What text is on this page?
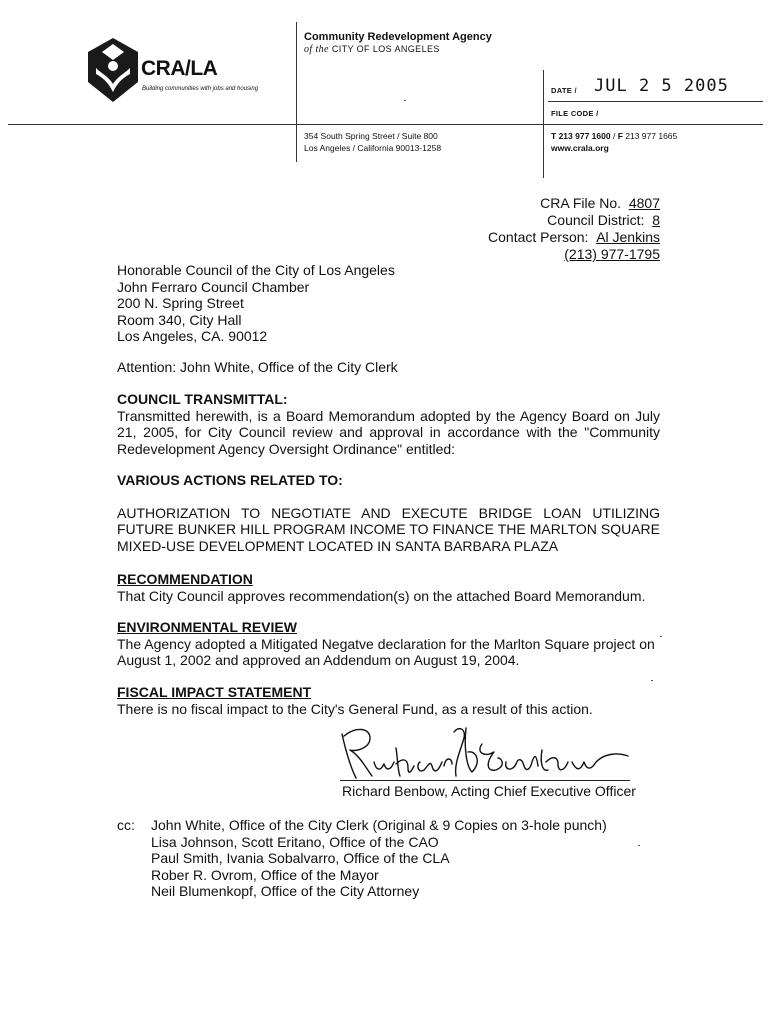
CRA/LA
Building communities with jobs and housing
Community Redevelopment Agency
of the CITY OF LOS ANGELES
DATE / JUL 2 5 2005
FILE CODE /
354 South Spring Street / Suite 800
Los Angeles / California 90013-1258
T 213 977 1600 / F 213 977 1665
www.crala.org
CRA File No. 4807
Council District: 8
Contact Person: Al Jenkins
(213) 977-1795
Honorable Council of the City of Los Angeles
John Ferraro Council Chamber
200 N. Spring Street
Room 340, City Hall
Los Angeles, CA. 90012
Attention: John White, Office of the City Clerk
COUNCIL TRANSMITTAL:
Transmitted herewith, is a Board Memorandum adopted by the Agency Board on July
21, 2005, for City Council review and approval in accordance with the "Community
Redevelopment Agency Oversight Ordinance" entitled:
VARIOUS ACTIONS RELATED TO:
AUTHORIZATION TO NEGOTIATE AND EXECUTE BRIDGE LOAN UTILIZING
FUTURE BUNKER HILL PROGRAM INCOME TO FINANCE THE MARLTON SQUARE
MIXED-USE DEVELOPMENT LOCATED IN SANTA BARBARA PLAZA
RECOMMENDATION
That City Council approves recommendation(s) on the attached Board Memorandum.
ENVIRONMENTAL REVIEW
The Agency adopted a Mitigated Negatve declaration for the Marlton Square project on
August 1, 2002 and approved an Addendum on August 19, 2004.
FISCAL IMPACT STATEMENT
There is no fiscal impact to the City's General Fund, as a result of this action.
Richard Benbow, Acting Chief Executive Officer
cc: John White, Office of the City Clerk (Original & 9 Copies on 3-hole punch)
Lisa Johnson, Scott Eritano, Office of the CAO
Paul Smith, Ivania Sobalvarro, Office of the CLA
Rober R. Ovrom, Office of the Mayor
Neil Blumenkopf, Office of the City Attorney
